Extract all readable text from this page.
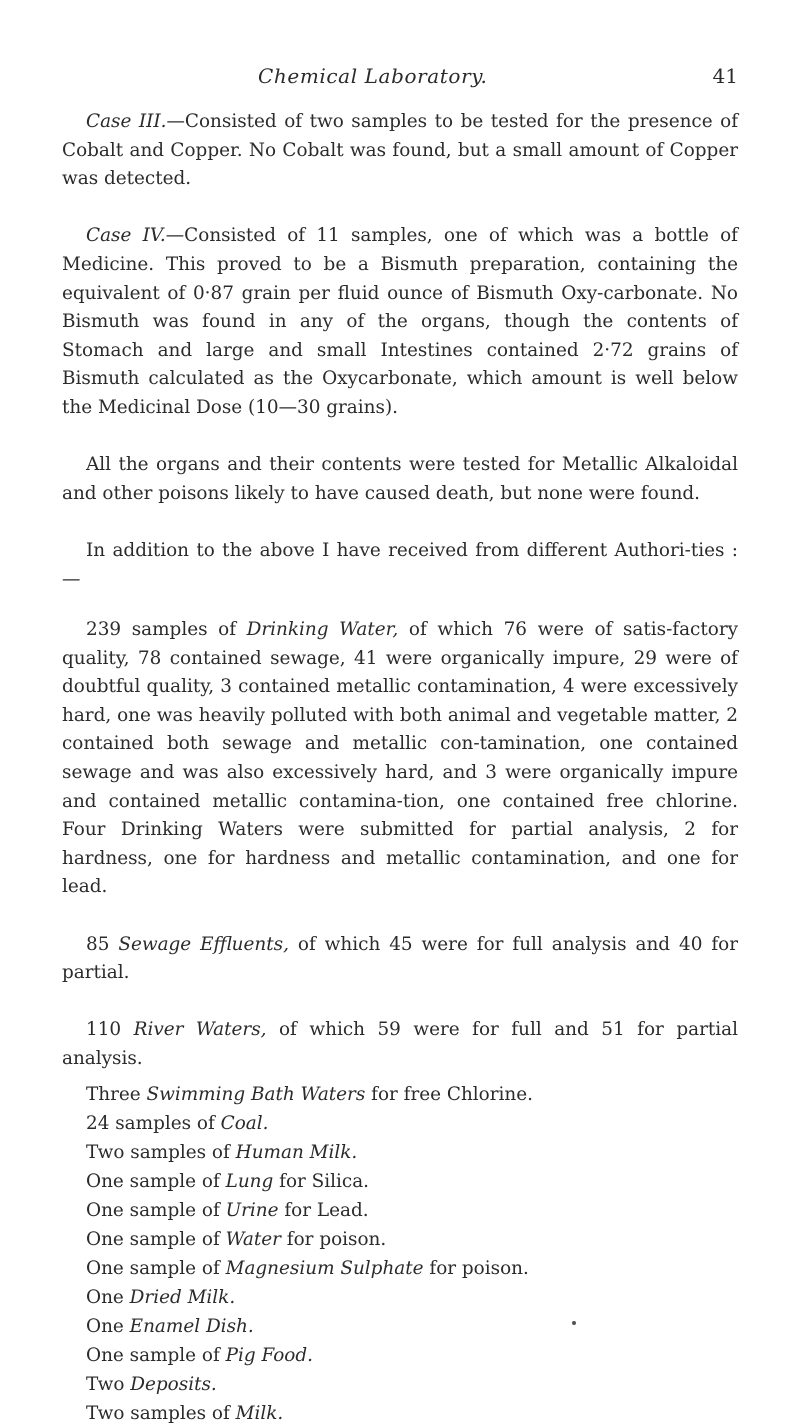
Chemical Laboratory.	41

Case III.—Consisted of two samples to be tested for the presence of Cobalt and Copper. No Cobalt was found, but a small amount of Copper was detected.

Case IV.—Consisted of 11 samples, one of which was a bottle of Medicine. This proved to be a Bismuth preparation, containing the equivalent of 0·87 grain per fluid ounce of Bismuth Oxy-carbonate. No Bismuth was found in any of the organs, though the contents of Stomach and large and small Intestines contained 2·72 grains of Bismuth calculated as the Oxycarbonate, which amount is well below the Medicinal Dose (10—30 grains).

All the organs and their contents were tested for Metallic Alkaloidal and other poisons likely to have caused death, but none were found.

In addition to the above I have received from different Authori-ties :—

239 samples of Drinking Water, of which 76 were of satis-factory quality, 78 contained sewage, 41 were organically impure, 29 were of doubtful quality, 3 contained metallic contamination, 4 were excessively hard, one was heavily polluted with both animal and vegetable matter, 2 contained both sewage and metallic con-tamination, one contained sewage and was also excessively hard, and 3 were organically impure and contained metallic contamina-tion, one contained free chlorine. Four Drinking Waters were submitted for partial analysis, 2 for hardness, one for hardness and metallic contamination, and one for lead.

85 Sewage Effluents, of which 45 were for full analysis and 40 for partial.

110 River Waters, of which 59 were for full and 51 for partial analysis.

Three Swimming Bath Waters for free Chlorine.
24 samples of Coal.
Two samples of Human Milk.
One sample of Lung for Silica.
One sample of Urine for Lead.
One sample of Water for poison.
One sample of Magnesium Sulphate for poison.
One Dried Milk.
One Enamel Dish.
One sample of Pig Food.
Two Deposits.
Two samples of Milk.
